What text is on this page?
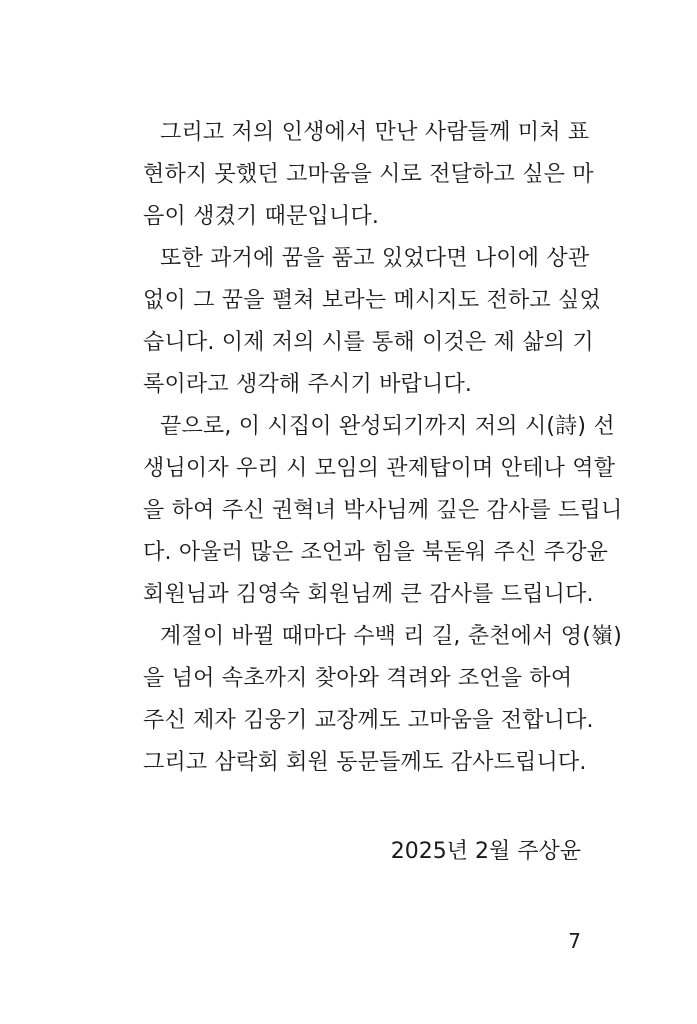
그리고 저의 인생에서 만난 사람들께 미처 표
현하지 못했던 고마움을 시로 전달하고 싶은 마
음이 생겼기 때문입니다.
또한 과거에 꿈을 품고 있었다면 나이에 상관
없이 그 꿈을 펼쳐 보라는 메시지도 전하고 싶었
습니다. 이제 저의 시를 통해 이것은 제 삶의 기
록이라고 생각해 주시기 바랍니다.
끝으로, 이 시집이 완성되기까지 저의 시(詩) 선
생님이자 우리 시 모임의 관제탑이며 안테나 역할
을 하여 주신 권혁녀 박사님께 깊은 감사를 드립니
다. 아울러 많은 조언과 힘을 북돋워 주신 주강윤
회원님과 김영숙 회원님께 큰 감사를 드립니다.
계절이 바뀔 때마다 수백 리 길, 춘천에서 영(嶺)
을 넘어 속초까지 찾아와 격려와 조언을 하여
주신 제자 김웅기 교장께도 고마움을 전합니다.
그리고 삼락회 회원 동문들께도 감사드립니다.
2025년 2월 주상윤
7
